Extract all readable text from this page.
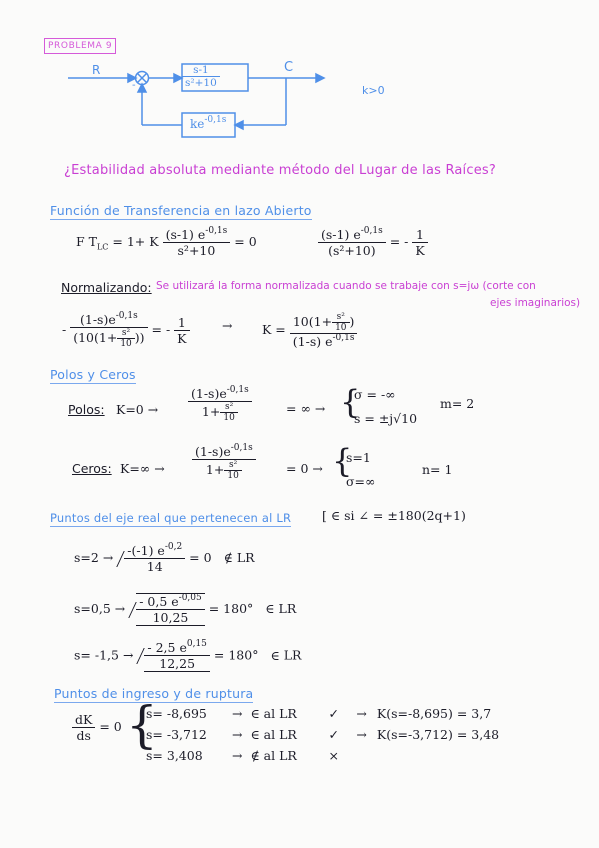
PROBLEMA 9
R	C
-	$\frac{s-1}{\text{s²+10}}$
$ke^{-0,1s}$
k>0
¿Estabilidad absoluta mediante método del Lugar de las Raíces?
Función de Transferencia en lazo Abierto
F $T_{LC} = 1+ K \frac{(s-1) e^{-0,1s}}{\text{s²+10}} = 0$	$\frac{(s-1) e^{-0,1s}}{\text{(s²+10)}}$ = - $\frac{1}{K}$
Normalizando: Se utilizará la forma normalizada cuando se trabaje con s=jω (corte con
ejes imaginarios)
- $\frac{(1-s)e^{-0,1s}}{(10(1+ \frac{\text{s²}}{10} ))}$ = - $\frac{1}{K}$	→ $K = \frac{10(1+ \frac{\text{s²}}{10} )}{(1-s) e^{-0,1s}}$
Polos y Ceros
Polos: $K=0 \to \frac{(1-s)e^{-0,1s}}{1+ \frac{\text{s²}}{10}}$	= ∞ → {
σ = -∞
s = ±j√10
m= 2
Ceros: $K=\infty \to \frac{(1-s)e^{-0,1s}}{1+ \frac{\text{s²}}{10}} = 0$ → {
s=1
σ=∞
n= 1
Puntos del eje real que pertenecen al LR [ ∈ si ∠ = ±180(2q+1)
$s=2 \to \frac{-(-1) e^{-0,2}}{14} = 0$ ∉ LR
$s=0,5 \to \frac{- 0,5 e^{-0,05}}{10,25} = 180^\circ$ ∈ LR
$s= -1,5 \to \frac{- 2,5 e^{0,15}}{12,25} = 180^\circ$ ∈ LR
Puntos de ingreso y de ruptura
$\frac{dK}{ds} = 0$ {
s= -8,695 → ∈ al LR	✓ → K(s=-8,695) = 3,7
s= -3,712 → ∈ al LR	✓ → K(s=-3,712) = 3,48
s= 3,408 → ∉ al LR	×
